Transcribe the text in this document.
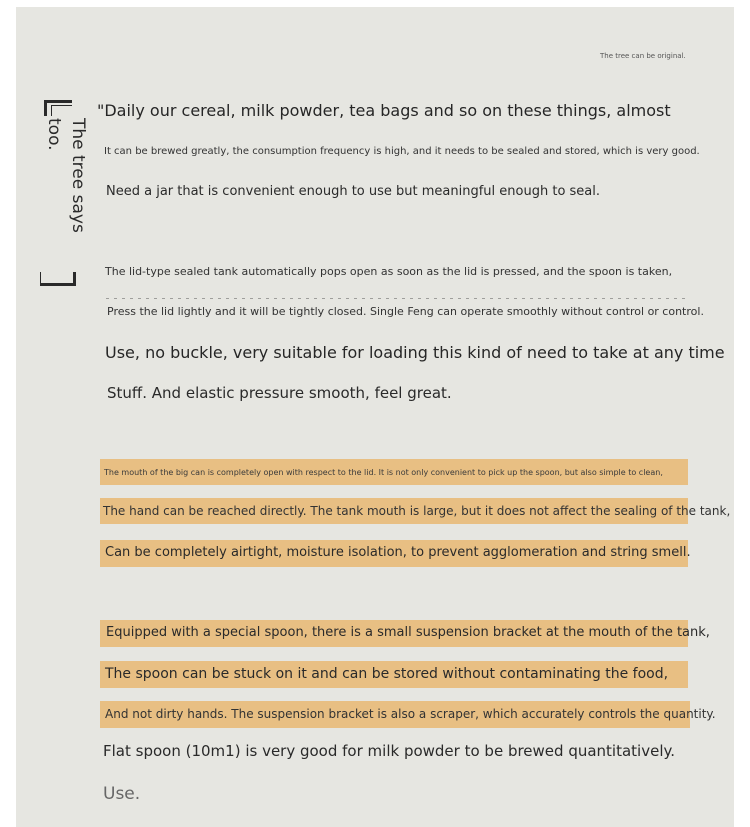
The tree can be original.
The tree says too.
"Daily our cereal, milk powder, tea bags and so on these things, almost
It can be brewed greatly, the consumption frequency is high, and it needs to be sealed and stored, which is very good.
Need a jar that is convenient enough to use but meaningful enough to seal.
The lid-type sealed tank automatically pops open as soon as the lid is pressed, and the spoon is taken,
Press the lid lightly and it will be tightly closed. Single Feng can operate smoothly without control or control.
Use, no buckle, very suitable for loading this kind of need to take at any time
Stuff. And elastic pressure smooth, feel great.
The mouth of the big can is completely open with respect to the lid. It is not only convenient to pick up the spoon, but also simple to clean,
The hand can be reached directly. The tank mouth is large, but it does not affect the sealing of the tank,
Can be completely airtight, moisture isolation, to prevent agglomeration and string smell.
Equipped with a special spoon, there is a small suspension bracket at the mouth of the tank,
The spoon can be stuck on it and can be stored without contaminating the food,
And not dirty hands. The suspension bracket is also a scraper, which accurately controls the quantity.
Flat spoon (10m1) is very good for milk powder to be brewed quantitatively.
Use.
